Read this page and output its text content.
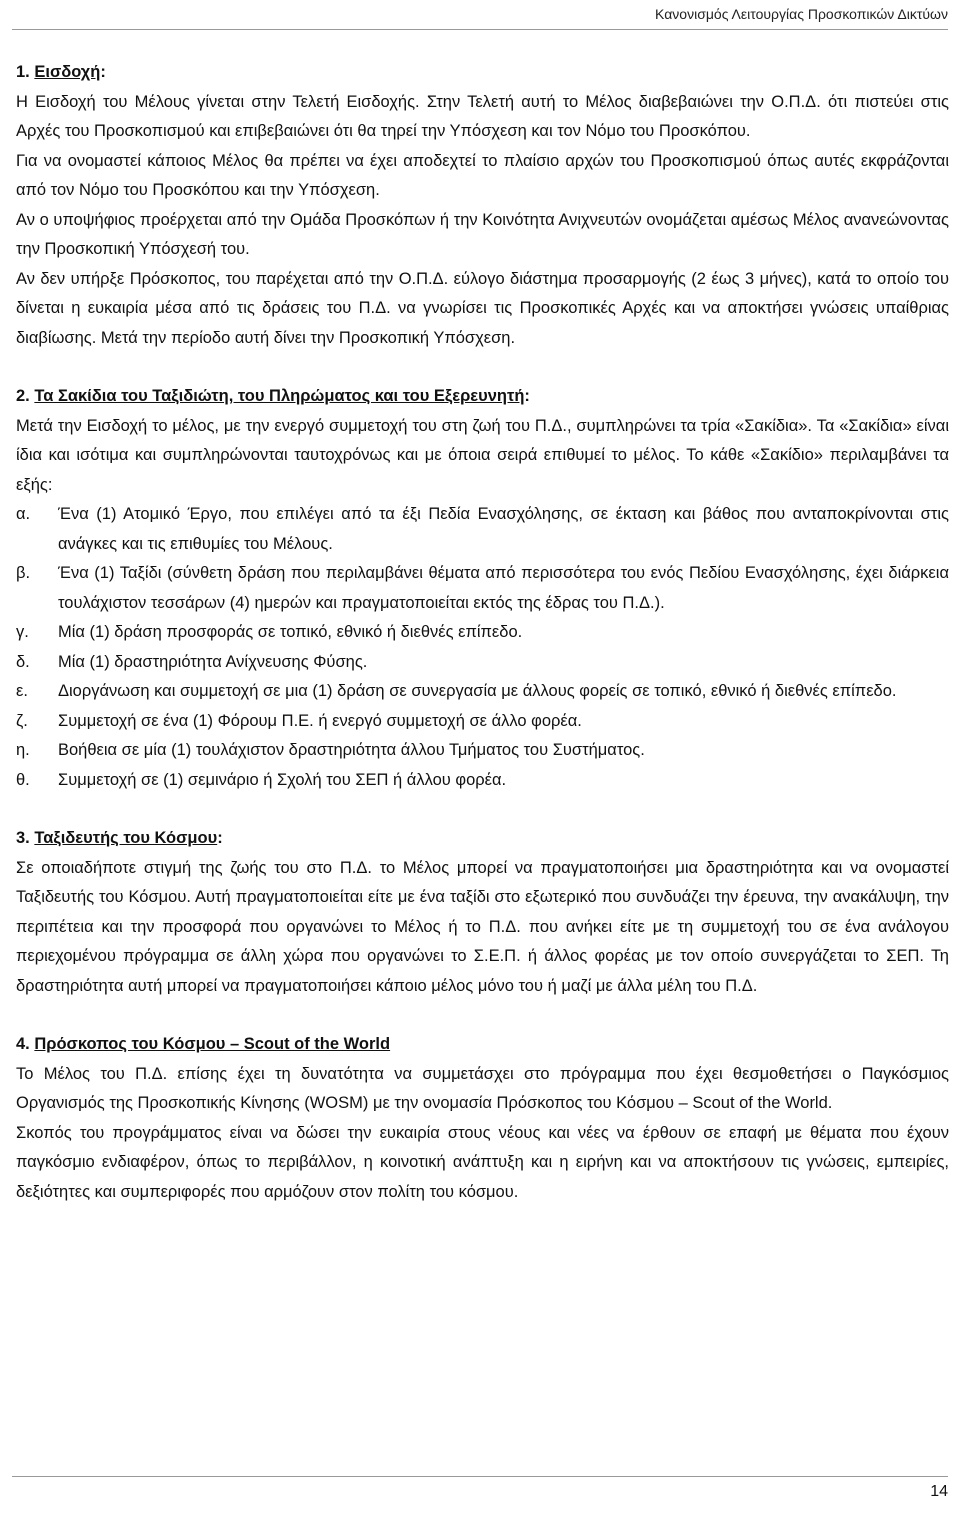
Κανονισμός Λειτουργίας Προσκοπικών Δικτύων

1. Εισδοχή:

Η Εισδοχή του Μέλους γίνεται στην Τελετή Εισδοχής. Στην Τελετή αυτή το Μέλος διαβεβαιώνει την Ο.Π.Δ. ότι πιστεύει στις Αρχές του Προσκοπισμού και επιβεβαιώνει ότι θα τηρεί την Υπόσχεση και τον Νόμο του Προσκόπου.

Για να ονομαστεί κάποιος Μέλος θα πρέπει να έχει αποδεχτεί το πλαίσιο αρχών του Προσκοπισμού όπως αυτές εκφράζονται από τον Νόμο του Προσκόπου και την Υπόσχεση.

Αν ο υποψήφιος προέρχεται από την Ομάδα Προσκόπων ή την Κοινότητα Ανιχνευτών ονομάζεται αμέσως Μέλος ανανεώνοντας την Προσκοπική Υπόσχεσή του.

Αν δεν υπήρξε Πρόσκοπος, του παρέχεται από την Ο.Π.Δ. εύλογο διάστημα προσαρμογής (2 έως 3 μήνες), κατά το οποίο του δίνεται η ευκαιρία μέσα από τις δράσεις του Π.Δ. να γνωρίσει τις Προσκοπικές Αρχές και να αποκτήσει γνώσεις υπαίθριας διαβίωσης. Μετά την περίοδο αυτή δίνει την Προσκοπική Υπόσχεση.

2. Τα Σακίδια του Ταξιδιώτη, του Πληρώματος και του Εξερευνητή:

Μετά την Εισδοχή το μέλος, με την ενεργό συμμετοχή του στη ζωή του Π.Δ., συμπληρώνει τα τρία «Σακίδια». Τα «Σακίδια» είναι ίδια και ισότιμα και συμπληρώνονται ταυτοχρόνως και με όποια σειρά επιθυμεί το μέλος. Το κάθε «Σακίδιο» περιλαμβάνει τα εξής:

α.	Ένα (1) Ατομικό Έργο, που επιλέγει από τα έξι Πεδία Ενασχόλησης, σε έκταση και βάθος που ανταποκρίνονται στις ανάγκες και τις επιθυμίες του Μέλους.
β.	Ένα (1) Ταξίδι (σύνθετη δράση που περιλαμβάνει θέματα από περισσότερα του ενός Πεδίου Ενασχόλησης, έχει διάρκεια τουλάχιστον τεσσάρων (4) ημερών και πραγματοποιείται εκτός της έδρας του Π.Δ.).
γ.	Μία (1) δράση προσφοράς σε τοπικό, εθνικό ή διεθνές επίπεδο.
δ.	Μία (1) δραστηριότητα Ανίχνευσης Φύσης.
ε.	Διοργάνωση και συμμετοχή σε μια (1) δράση σε συνεργασία με άλλους φορείς σε τοπικό, εθνικό ή διεθνές επίπεδο.
ζ.	Συμμετοχή σε ένα (1) Φόρουμ Π.Ε. ή ενεργό συμμετοχή σε άλλο φορέα.
η.	Βοήθεια σε μία (1) τουλάχιστον δραστηριότητα άλλου Τμήματος του Συστήματος.
θ.	Συμμετοχή σε (1) σεμινάριο ή Σχολή του ΣΕΠ ή άλλου φορέα.

3. Ταξιδευτής του Κόσμου:

Σε οποιαδήποτε στιγμή της ζωής του στο Π.Δ. το Μέλος μπορεί να πραγματοποιήσει μια δραστηριότητα και να ονομαστεί Ταξιδευτής του Κόσμου. Αυτή πραγματοποιείται είτε με ένα ταξίδι στο εξωτερικό που συνδυάζει την έρευνα, την ανακάλυψη, την περιπέτεια και την προσφορά που οργανώνει το Μέλος ή το Π.Δ. που ανήκει είτε με τη συμμετοχή του σε ένα ανάλογου περιεχομένου πρόγραμμα σε άλλη χώρα που οργανώνει το Σ.Ε.Π. ή άλλος φορέας με τον οποίο συνεργάζεται το ΣΕΠ. Τη δραστηριότητα αυτή μπορεί να πραγματοποιήσει κάποιο μέλος μόνο του ή μαζί με άλλα μέλη του Π.Δ.

4. Πρόσκοπος του Κόσμου – Scout of the World

Το Μέλος του Π.Δ. επίσης έχει τη δυνατότητα να συμμετάσχει στο πρόγραμμα που έχει θεσμοθετήσει ο Παγκόσμιος Οργανισμός της Προσκοπικής Κίνησης (WOSM) με την ονομασία Πρόσκοπος του Κόσμου – Scout of the World.

Σκοπός του προγράμματος είναι να δώσει την ευκαιρία στους νέους και νέες να έρθουν σε επαφή με θέματα που έχουν παγκόσμιο ενδιαφέρον, όπως το περιβάλλον, η κοινοτική ανάπτυξη και η ειρήνη και να αποκτήσουν τις γνώσεις, εμπειρίες, δεξιότητες και συμπεριφορές που αρμόζουν στον πολίτη του κόσμου.

14
